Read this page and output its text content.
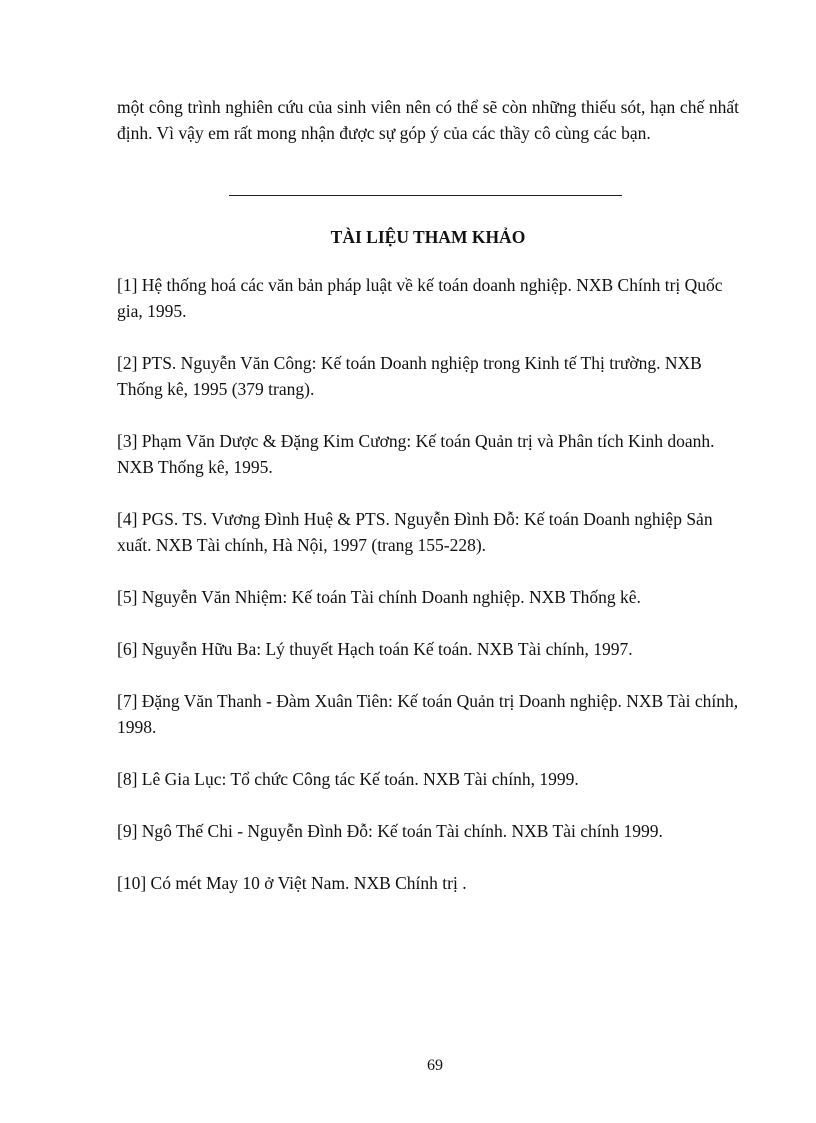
một công trình nghiên cứu của sinh viên nên có thể sẽ còn những thiếu sót, hạn chế nhất định. Vì vậy em rất mong nhận được sự góp ý của các thầy cô cùng các bạn.

TÀI LIỆU THAM KHẢO

[1] Hệ thống hoá các văn bản pháp luật về kế toán doanh nghiệp. NXB Chính trị Quốc gia, 1995.

[2] PTS. Nguyễn Văn Công: Kế toán Doanh nghiệp trong Kinh tế Thị trường. NXB Thống kê, 1995 (379 trang).

[3] Phạm Văn Dược & Đặng Kim Cương: Kế toán Quản trị và Phân tích Kinh doanh. NXB Thống kê, 1995.

[4] PGS. TS. Vương Đình Huệ & PTS. Nguyễn Đình Đỗ: Kế toán Doanh nghiệp Sản xuất. NXB Tài chính, Hà Nội, 1997 (trang 155-228).

[5] Nguyễn Văn Nhiệm: Kế toán Tài chính Doanh nghiệp. NXB Thống kê.

[6] Nguyễn Hữu Ba: Lý thuyết Hạch toán Kế toán. NXB Tài chính, 1997.

[7] Đặng Văn Thanh - Đàm Xuân Tiên: Kế toán Quản trị Doanh nghiệp. NXB Tài chính, 1998.

[8] Lê Gia Lục: Tổ chức Công tác Kế toán. NXB Tài chính, 1999.

[9] Ngô Thế Chi - Nguyễn Đình Đỗ: Kế toán Tài chính. NXB Tài chính 1999.

[10] Có mét May 10 ở Việt Nam. NXB Chính trị .

69
